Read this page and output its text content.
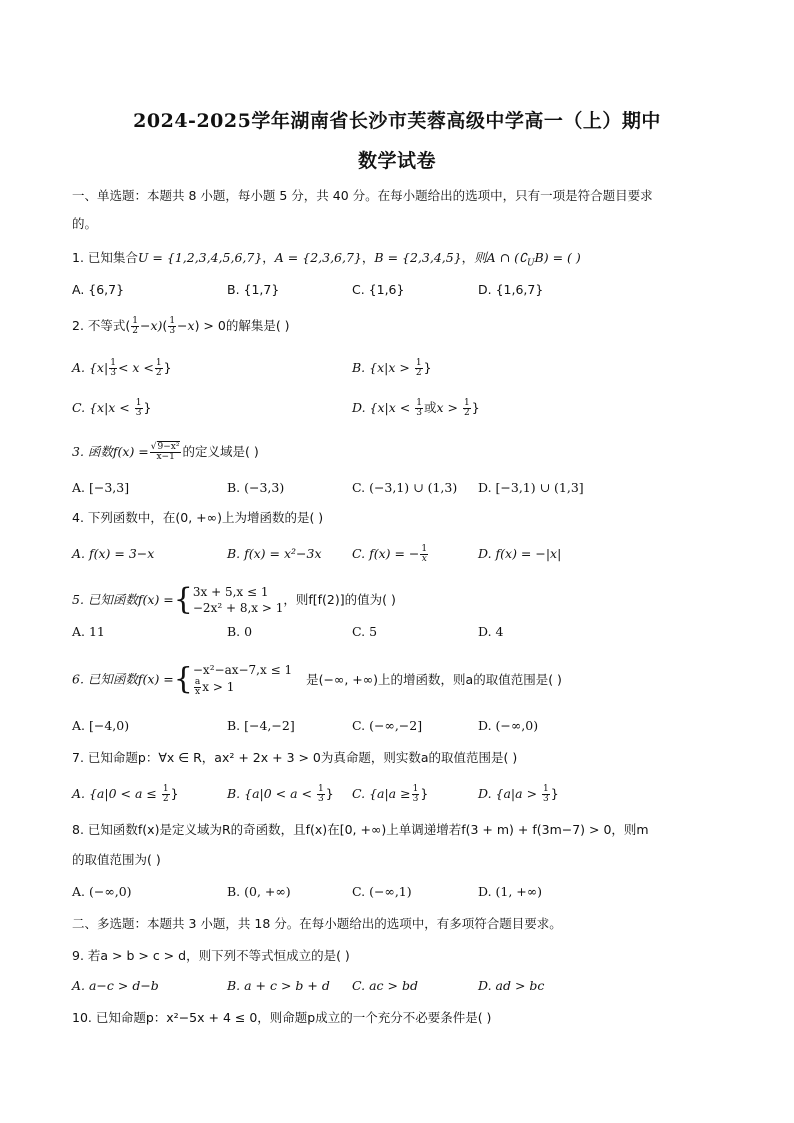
2024-2025学年湖南省长沙市芙蓉高级中学高一（上）期中
数学试卷
一、单选题：本题共 8 小题，每小题 5 分，共 40 分。在每小题给出的选项中，只有一项是符合题目要求
的。
1. 已知集合U = {1,2,3,4,5,6,7}，A = {2,3,6,7}，B = {2,3,4,5}，则A ∩ $(∁_UB)$ = ( )
A. {6,7}	B. {1,7}	C. {1,6}	D. {1,6,7}
2. 不等式( $\frac{1}{2} -x)( \frac{1}{3} -x) > 0$的解集是( )
A. {$x| \frac{1}{3} < x < \frac{1}{2}$ }	B. {$x|x > \frac{1}{2}$ }
C. {$x|x < \frac{1}{3}$ }	D. {$x|x < \frac{1}{3}$ 或$x > \frac{1}{2}$ }
3. 函数$f(x) = \frac{\text{√9−x²}}{x-1}$ 的定义域是( )
A. [−3,3]	B. (−3,3)	C. (−3,1) ∪ (1,3) D. [−3,1) ∪ (1,3]
4. 下列函数中，在(0, +∞)上为增函数的是( )
A. f(x) = 3−x	B. f(x) = x²−3x C. f(x) = − $\frac{1}{x}$	D. f(x) = −|x|
5. 已知函数f(x) ={ 3x + 5,x ≤ 1
−2x² + 8,x > 1
，则f[f(2)]的值为( )
A. 11	B. 0	C. 5	D. 4
6. 已知函数f(x) ={ −x²−ax−7,x ≤ 1
$\frac{a}{x}$ x > 1
是(−∞, +∞)上的增函数，则a的取值范围是( )
A. [−4,0)	B. [−4,−2]	C. (−∞,−2]	D. (−∞,0)
7. 已知命题p：∀x ∈ R，ax² + 2x + 3 > 0为真命题，则实数a的取值范围是( )
A. {$a|0 < a \le \frac{1}{2}$ }	B. {$a|0 < a < \frac{1}{3}$ } C. {$a|a \ge \frac{1}{3}$ }	D. {$a|a > \frac{1}{3}$ }
8. 已知函数f(x)是定义域为R的奇函数，且f(x)在[0, +∞)上单调递增若f(3 + m) + f(3m−7) > 0，则m
的取值范围为( )
A. (−∞,0)	B. (0, +∞)	C. (−∞,1)	D. (1, +∞)
二、多选题：本题共 3 小题，共 18 分。在每小题给出的选项中，有多项符合题目要求。
9. 若a > b > c > d，则下列不等式恒成立的是( )
A. a−c > d−b	B. a + c > b + d C. ac > bd	D. ad > bc
10. 已知命题p：x²−5x + 4 ≤ 0，则命题p成立的一个充分不必要条件是( )
